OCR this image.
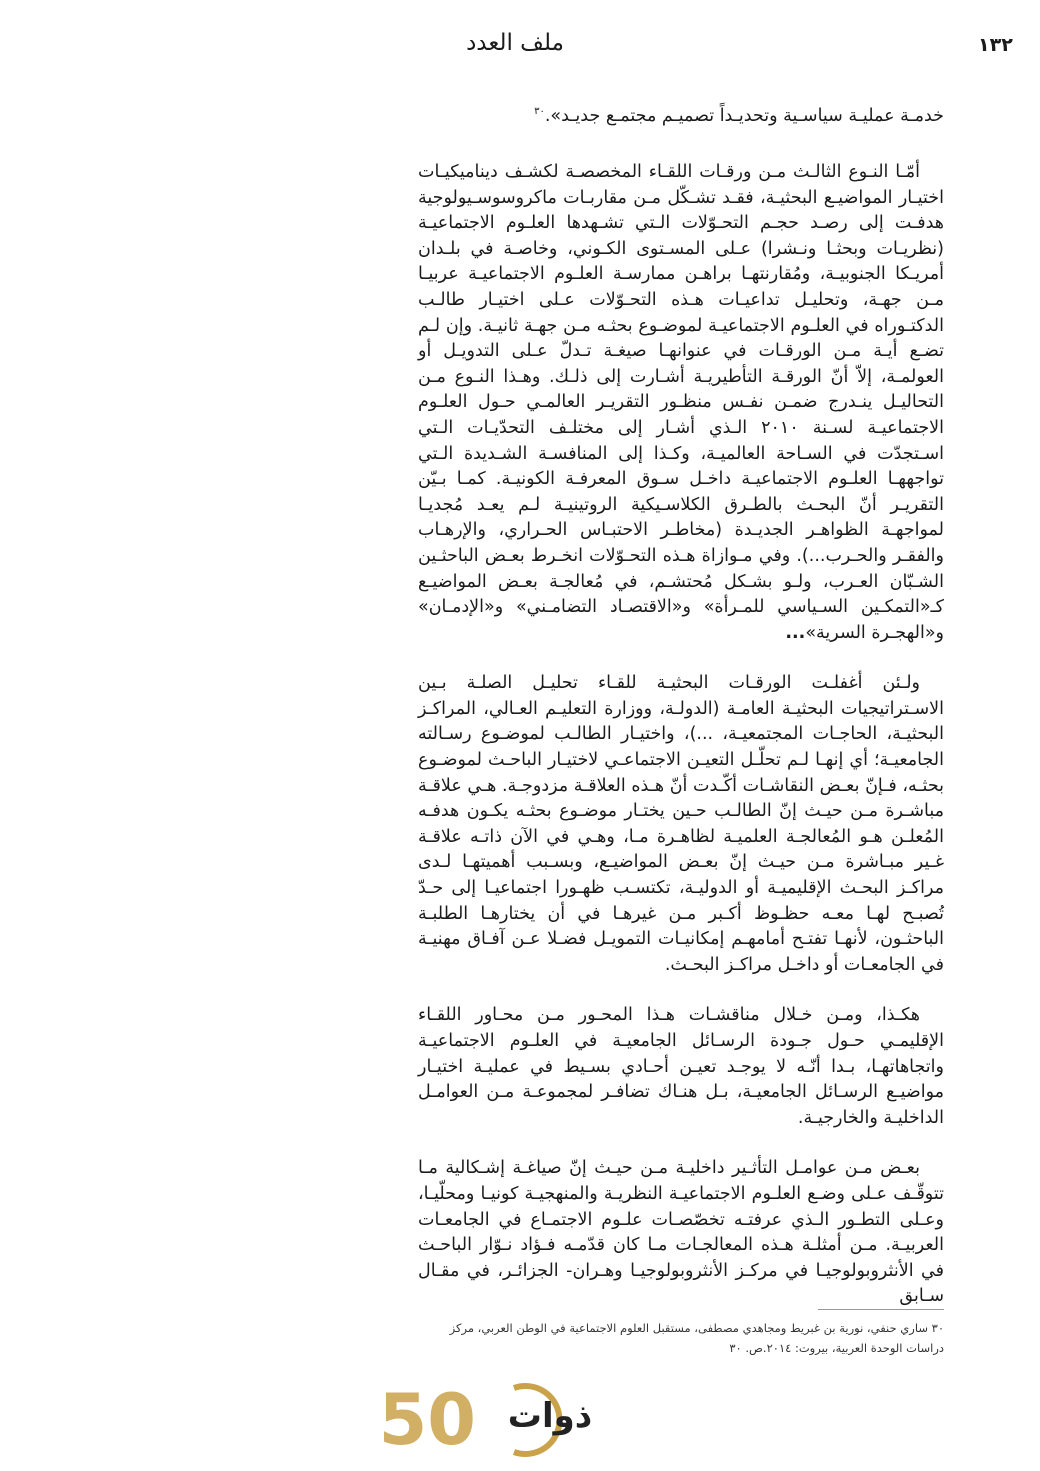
١٣٢
ملف العدد

خدمـة عمليـة سياسـية وتحديـداً تصميـم مجتمـع جديـد».$^{٣٠}$

أمّـا النـوع الثالـث مـن ورقـات اللقـاء المخصصـة لكشـف ديناميكيـات اختيـار المواضيـع البحثيـة، فقـد تشـكّل مـن مقاربـات ماكروسوسـيولوجية هدفـت إلى رصـد حجـم التحـوّلات الـتي تشـهدها العلـوم الاجتماعيـة (نظريـات وبحثـا ونـشرا) عـلى المسـتوى الكـوني، وخاصـة في بلـدان أمريـكا الجنوبيـة، ومُقارنتهـا براهـن ممارسـة العلـوم الاجتماعيـة عربيـا مـن جهـة، وتحليـل تداعيـات هـذه التحـوّلات عـلى اختيـار طالـب الدكتـوراه في العلـوم الاجتماعيـة لموضـوع بحثـه مـن جهـة ثانيـة. وإن لـم تضـع أيـة مـن الورقـات في عنوانهـا صيغـة تـدلّ عـلى التدويـل أو العولمـة، إلاّ أنّ الورقـة التأطيريـة أشـارت إلى ذلـك. وهـذا النـوع مـن التحاليـل ينـدرج ضمـن نفـس منظـور التقريـر العالمـي حـول العلـوم الاجتماعيـة لسـنة ٢٠١٠ الـذي أشـار إلى مختلـف التحدّيـات الـتي اسـتجدّت في السـاحة العالميـة، وكـذا إلى المنافسـة الشـديدة الـتي تواجههـا العلـوم الاجتماعيـة داخـل سـوق المعرفـة الكونيـة. كمـا بـيّن التقريـر أنّ البحـث بالطـرق الكلاسـيكية الروتينيـة لـم يعـد مُجديـا لمواجهـة الظواهـر الجديـدة (مخاطـر الاحتبـاس الحـراري، والإرهـاب والفقـر والحـرب...). وفي مـوازاة هـذه التحـوّلات انخـرط بعـض الباحثـين الشـبّان العـرب، ولـو بشـكل مُحتشـم، في مُعالجـة بعـض المواضيـع كـ«التمكـين السـياسي للمـرأة» و«الاقتصـاد التضامـني» و«الإدمـان» و«الهجـرة السرية»...

ولـئن أغفلـت الورقـات البحثيـة للقـاء تحليـل الصلـة بـين الاسـتراتيجيات البحثيـة العامـة (الدولـة، ووزارة التعليـم العـالي، المراكـز البحثيـة، الحاجـات المجتمعيـة، ...)، واختيـار الطالـب لموضـوع رسـالته الجامعيـة؛ أي إنهـا لـم تحلّـل التعيـن الاجتماعـي لاختيـار الباحـث لموضـوع بحثـه، فـإنّ بعـض النقاشـات أكّـدت أنّ هـذه العلاقـة مزدوجـة. هـي علاقـة مباشـرة مـن حيـث إنّ الطالـب حـين يختـار موضـوع بحثـه يكـون هدفـه المُعلـن هـو المُعالجـة العلميـة لظاهـرة مـا، وهـي في الآن ذاتـه علاقـة غـير مبـاشرة مـن حيـث إنّ بعـض المواضيـع، وبسـبب أهميتهـا لـدى مراكـز البحـث الإقليميـة أو الدوليـة، تكتسـب ظهـورا اجتماعيـا إلى حـدّ تُصبـح لهـا معـه حظـوظ أكـبر مـن غيرهـا في أن يختارهـا الطلبـة الباحثـون، لأنهـا تفتـح أمامهـم إمكانيـات التمويـل فضـلا عـن آفـاق مهنيـة في الجامعـات أو داخـل مراكـز البحـث.

هكـذا، ومـن خـلال مناقشـات هـذا المحـور مـن محـاور اللقـاء الإقليمـي حـول جـودة الرسـائل الجامعيـة في العلـوم الاجتماعيـة واتجاهاتهـا، بـدا أنّـه لا يوجـد تعيـن أحـادي بسـيط في عمليـة اختيـار مواضيـع الرسـائل الجامعيـة، بـل هنـاك تضافـر لمجموعـة مـن العوامـل الداخليـة والخارجيـة.

بعـض مـن عوامـل التأثـير داخليـة مـن حيـث إنّ صياغـة إشـكالية مـا تتوقّـف عـلى وضـع العلـوم الاجتماعيـة النظريـة والمنهجيـة كونيـا ومحلّيـا، وعـلى التطـور الـذي عرفتـه تخصّصـات علـوم الاجتمـاع في الجامعـات العربيـة. مـن أمثلـة هـذه المعالجـات مـا كان قدّمـه فـؤاد نـوّار الباحـث في الأنثروبولوجيـا في مركـز الأنثروبولوجيـا وهـران- الجزائـر، في مقـال سـابق

٣٠ ساري حنفي، نورية بن غبريط ومجاهدي مصطفى، مستقبل العلوم الاجتماعية في الوطن العربي، مركز دراسات الوحدة العربية، بيروت: ٢٠١٤.ص. ٣٠
50 ذوات
